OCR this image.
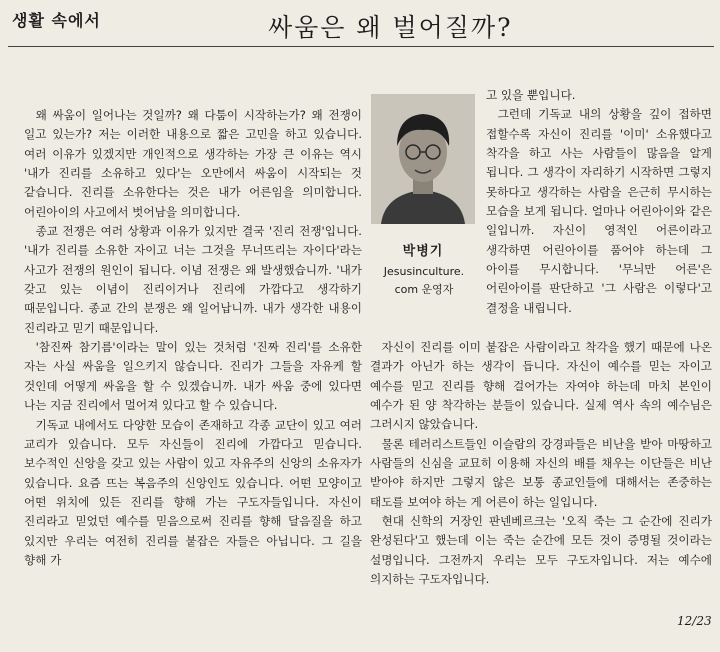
생활 속에서	싸움은 왜 벌어질까?

왜 싸움이 일어나는 것일까? 왜 다툼이 시작하는가? 왜 전쟁이 일고 있는가? 저는 이러한 내용으로 짧은 고민을 하고 있습니다. 여러 이유가 있겠지만 개인적으로 생각하는 가장 큰 이유는 역시 '내가 진리를 소유하고 있다'는 오만에서 싸움이 시작되는 것 같습니다. 진리를 소유한다는 것은 내가 어른임을 의미합니다. 어린아이의 사고에서 벗어남을 의미합니다.

종교 전쟁은 여러 상황과 이유가 있지만 결국 '진리 전쟁'입니다. '내가 진리를 소유한 자이고 너는 그것을 무너뜨리는 자이다'라는 사고가 전쟁의 원인이 됩니다. 이념 전쟁은 왜 발생했습니까. '내가 갖고 있는 이념이 진리이거나 진리에 가깝다고 생각하기 때문입니다. 종교 간의 분쟁은 왜 일어납니까. 내가 생각한 내용이 진리라고 믿기 때문입니다.

'참진짜 참기름'이라는 말이 있는 것처럼 '진짜 진리'를 소유한 자는 사실 싸움을 일으키지 않습니다. 진리가 그들을 자유케 할 것인데 어떻게 싸움을 할 수 있겠습니까. 내가 싸움 중에 있다면 나는 지금 진리에서 멀어져 있다고 할 수 있습니다.

기독교 내에서도 다양한 모습이 존재하고 각종 교단이 있고 여러 교리가 있습니다. 모두 자신들이 진리에 가깝다고 믿습니다. 보수적인 신앙을 갖고 있는 사람이 있고 자유주의 신앙의 소유자가 있습니다. 요즘 뜨는 복음주의 신앙인도 있습니다. 어떤 모양이고 어떤 위치에 있든 진리를 향해 가는 구도자들입니다. 자신이 진리라고 믿었던 예수를 믿음으로써 진리를 향해 달음질을 하고 있지만 우리는 여전히 진리를 붙잡은 자들은 아닙니다. 그 길을 향해 가

박병기
Jesusinculture. com 운영자

고 있을 뿐입니다.

그런데 기독교 내의 상황을 깊이 접하면 접할수록 자신이 진리를 '이미' 소유했다고 착각을 하고 사는 사람들이 많음을 알게 됩니다. 그 생각이 자리하기 시작하면 그렇지 못하다고 생각하는 사람을 은근히 무시하는 모습을 보게 됩니다. 얼마나 어린아이와 같은 일입니까. 자신이 영적인 어른이라고 생각하면 어린아이를 품어야 하는데 그 아이를 무시합니다. '무늬만 어른'은 어린아이를 판단하고 '그 사람은 이렇다'고 결정을 내립니다.

자신이 진리를 이미 붙잡은 사람이라고 착각을 했기 때문에 나온 결과가 아닌가 하는 생각이 듭니다. 자신이 예수를 믿는 자이고 예수를 믿고 진리를 향해 걸어가는 자여야 하는데 마치 본인이 예수가 된 양 착각하는 분들이 있습니다. 실제 역사 속의 예수님은 그러시지 않았습니다.

물론 테러리스트들인 이슬람의 강경파들은 비난을 받아 마땅하고 사람들의 신심을 교묘히 이용해 자신의 배를 채우는 이단들은 비난 받아야 하지만 그렇지 않은 보통 종교인들에 대해서는 존중하는 태도를 보여야 하는 게 어른이 하는 일입니다.

현대 신학의 거장인 판넨베르크는 '오직 죽는 그 순간에 진리가 완성된다'고 했는데 이는 죽는 순간에 모든 것이 증명될 것이라는 설명입니다. 그전까지 우리는 모두 구도자입니다. 저는 예수에 의지하는 구도자입니다.

12/23
